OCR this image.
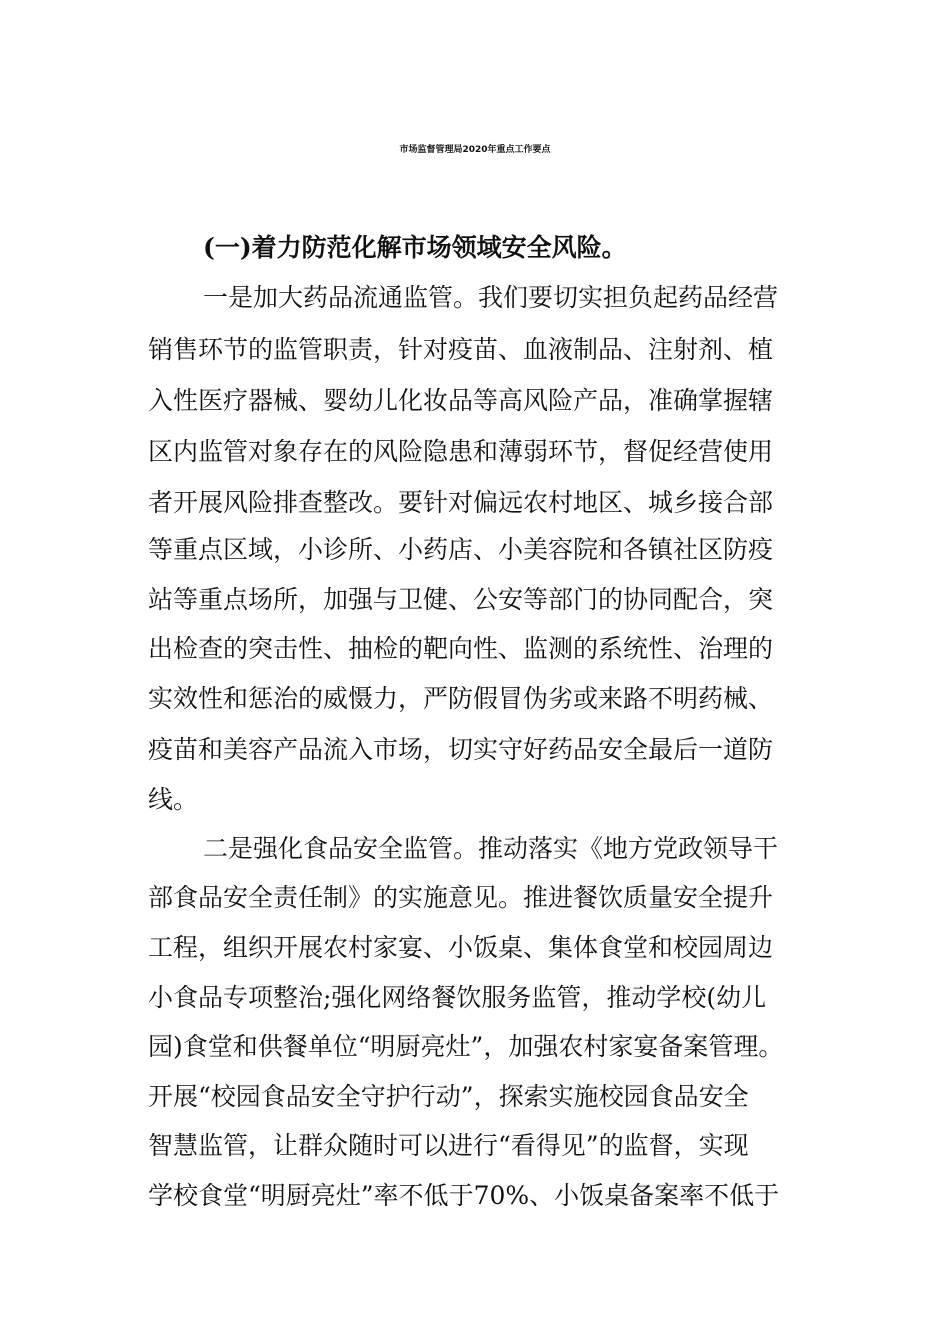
市场监督管理局2020年重点工作要点
(一)着力防范化解市场领域安全风险。
一是加大药品流通监管。我们要切实担负起药品经营
销售环节的监管职责，针对疫苗、血液制品、注射剂、植
入性医疗器械、婴幼儿化妆品等高风险产品，准确掌握辖
区内监管对象存在的风险隐患和薄弱环节，督促经营使用
者开展风险排查整改。要针对偏远农村地区、城乡接合部
等重点区域，小诊所、小药店、小美容院和各镇社区防疫
站等重点场所，加强与卫健、公安等部门的协同配合，突
出检查的突击性、抽检的靶向性、监测的系统性、治理的
实效性和惩治的威慑力，严防假冒伪劣或来路不明药械、
疫苗和美容产品流入市场，切实守好药品安全最后一道防
线。
二是强化食品安全监管。推动落实《地方党政领导干
部食品安全责任制》的实施意见。推进餐饮质量安全提升
工程，组织开展农村家宴、小饭桌、集体食堂和校园周边
小食品专项整治;强化网络餐饮服务监管，推动学校(幼儿
园)食堂和供餐单位“明厨亮灶”，加强农村家宴备案管理。
开展“校园食品安全守护行动”，探索实施校园食品安全
智慧监管，让群众随时可以进行“看得见”的监督，实现
学校食堂“明厨亮灶”率不低于70%、小饭桌备案率不低于
